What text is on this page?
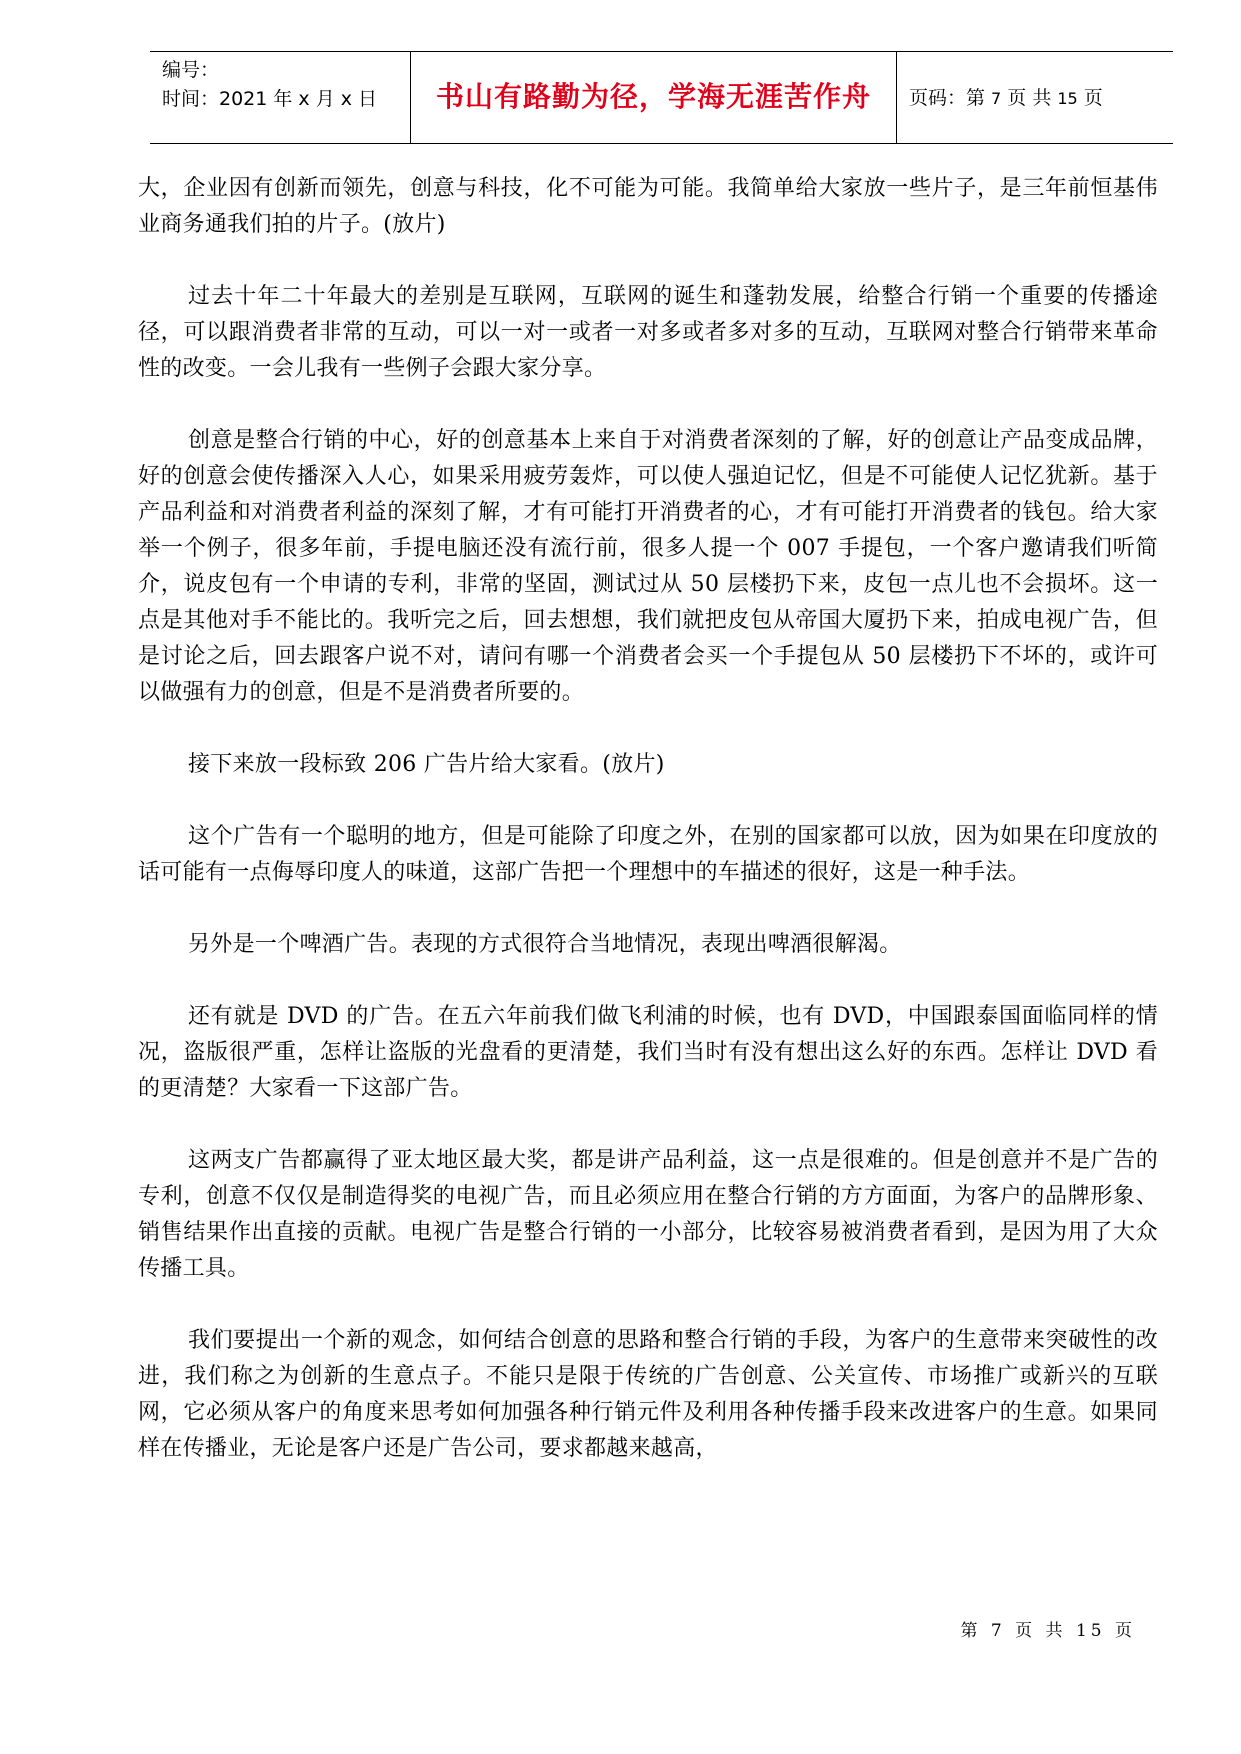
编号：
时间：2021 年 x 月 x 日	书山有路勤为径，学海无涯苦作舟	页码：第 7 页 共 15 页

大，企业因有创新而领先，创意与科技，化不可能为可能。我简单给大家放一些片子，是三年前恒基伟业商务通我们拍的片子。(放片)

过去十年二十年最大的差别是互联网，互联网的诞生和蓬勃发展，给整合行销一个重要的传播途径，可以跟消费者非常的互动，可以一对一或者一对多或者多对多的互动，互联网对整合行销带来革命性的改变。一会儿我有一些例子会跟大家分享。

创意是整合行销的中心，好的创意基本上来自于对消费者深刻的了解，好的创意让产品变成品牌，好的创意会使传播深入人心，如果采用疲劳轰炸，可以使人强迫记忆，但是不可能使人记忆犹新。基于产品利益和对消费者利益的深刻了解，才有可能打开消费者的心，才有可能打开消费者的钱包。给大家举一个例子，很多年前，手提电脑还没有流行前，很多人提一个 007 手提包，一个客户邀请我们听简介，说皮包有一个申请的专利，非常的坚固，测试过从 50 层楼扔下来，皮包一点儿也不会损坏。这一点是其他对手不能比的。我听完之后，回去想想，我们就把皮包从帝国大厦扔下来，拍成电视广告，但是讨论之后，回去跟客户说不对，请问有哪一个消费者会买一个手提包从 50 层楼扔下不坏的，或许可以做强有力的创意，但是不是消费者所要的。

接下来放一段标致 206 广告片给大家看。(放片)

这个广告有一个聪明的地方，但是可能除了印度之外，在别的国家都可以放，因为如果在印度放的话可能有一点侮辱印度人的味道，这部广告把一个理想中的车描述的很好，这是一种手法。

另外是一个啤酒广告。表现的方式很符合当地情况，表现出啤酒很解渴。

还有就是 DVD 的广告。在五六年前我们做飞利浦的时候，也有 DVD，中国跟泰国面临同样的情况，盗版很严重，怎样让盗版的光盘看的更清楚，我们当时有没有想出这么好的东西。怎样让 DVD 看的更清楚？大家看一下这部广告。

这两支广告都赢得了亚太地区最大奖，都是讲产品利益，这一点是很难的。但是创意并不是广告的专利，创意不仅仅是制造得奖的电视广告，而且必须应用在整合行销的方方面面，为客户的品牌形象、销售结果作出直接的贡献。电视广告是整合行销的一小部分，比较容易被消费者看到，是因为用了大众传播工具。

我们要提出一个新的观念，如何结合创意的思路和整合行销的手段，为客户的生意带来突破性的改进，我们称之为创新的生意点子。不能只是限于传统的广告创意、公关宣传、市场推广或新兴的互联网，它必须从客户的角度来思考如何加强各种行销元件及利用各种传播手段来改进客户的生意。如果同样在传播业，无论是客户还是广告公司，要求都越来越高，

第 7 页 共 15 页
